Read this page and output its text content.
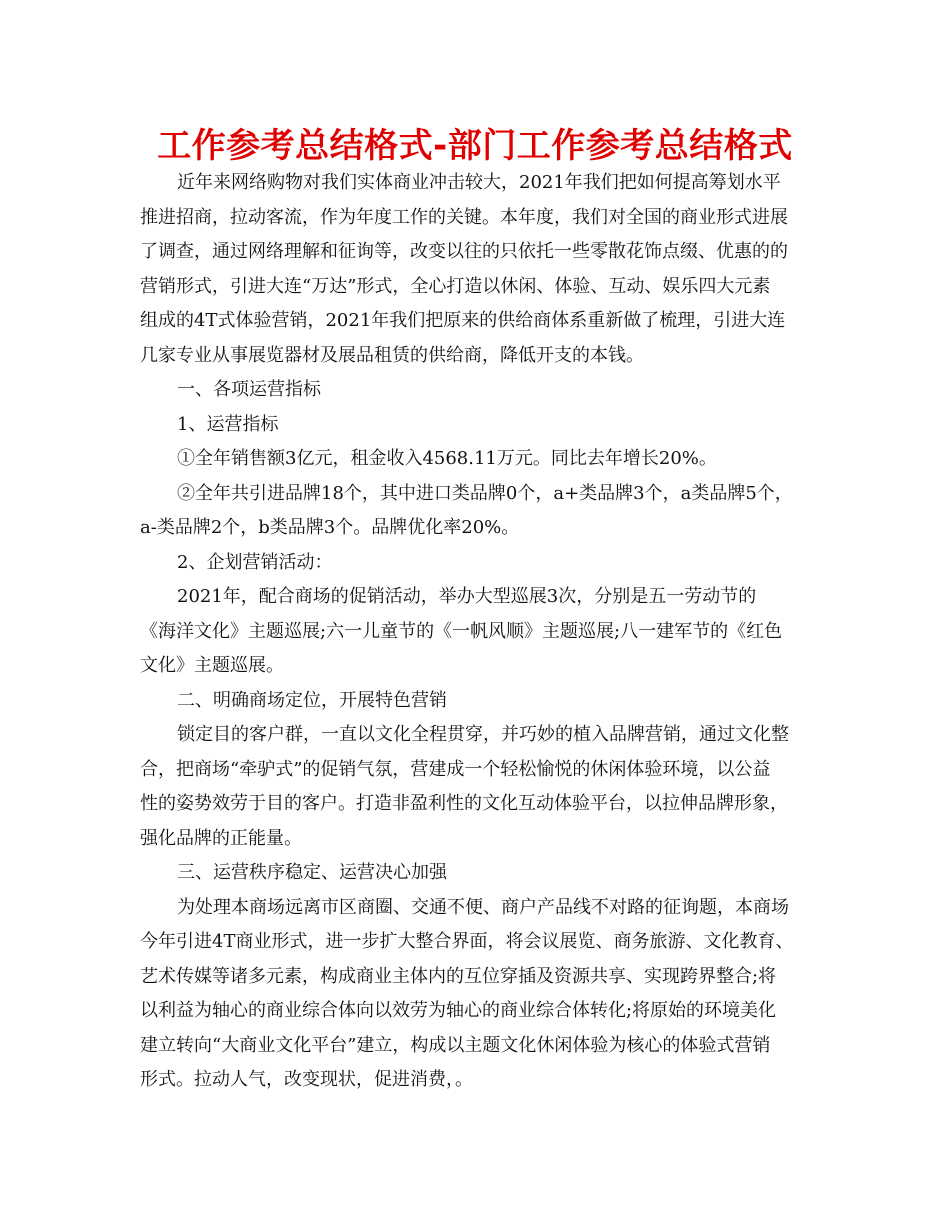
工作参考总结格式-部门工作参考总结格式
近年来网络购物对我们实体商业冲击较大，2021年我们把如何提高筹划水平
推进招商，拉动客流，作为年度工作的关键。本年度，我们对全国的商业形式进展
了调查，通过网络理解和征询等，改变以往的只依托一些零散花饰点缀、优惠的的
营销形式，引进大连“万达”形式，全心打造以休闲、体验、互动、娱乐四大元素
组成的4T式体验营销，2021年我们把原来的供给商体系重新做了梳理，引进大连
几家专业从事展览器材及展品租赁的供给商，降低开支的本钱。
一、各项运营指标
1、运营指标
①全年销售额3亿元，租金收入4568.11万元。同比去年增长20%。
②全年共引进品牌18个，其中进口类品牌0个，a+类品牌3个，a类品牌5个，
a-类品牌2个，b类品牌3个。品牌优化率20%。
2、企划营销活动：
2021年，配合商场的促销活动，举办大型巡展3次，分别是五一劳动节的
《海洋文化》主题巡展;六一儿童节的《一帆风顺》主题巡展;八一建军节的《红色
文化》主题巡展。
二、明确商场定位，开展特色营销
锁定目的客户群，一直以文化全程贯穿，并巧妙的植入品牌营销，通过文化整
合，把商场“牵驴式”的促销气氛，营建成一个轻松愉悦的休闲体验环境，以公益
性的姿势效劳于目的客户。打造非盈利性的文化互动体验平台，以拉伸品牌形象，
强化品牌的正能量。
三、运营秩序稳定、运营决心加强
为处理本商场远离市区商圈、交通不便、商户产品线不对路的征询题，本商场
今年引进4T商业形式，进一步扩大整合界面，将会议展览、商务旅游、文化教育、
艺术传媒等诸多元素，构成商业主体内的互位穿插及资源共享、实现跨界整合;将
以利益为轴心的商业综合体向以效劳为轴心的商业综合体转化;将原始的环境美化
建立转向“大商业文化平台”建立，构成以主题文化休闲体验为核心的体验式营销
形式。拉动人气，改变现状，促进消费，。
